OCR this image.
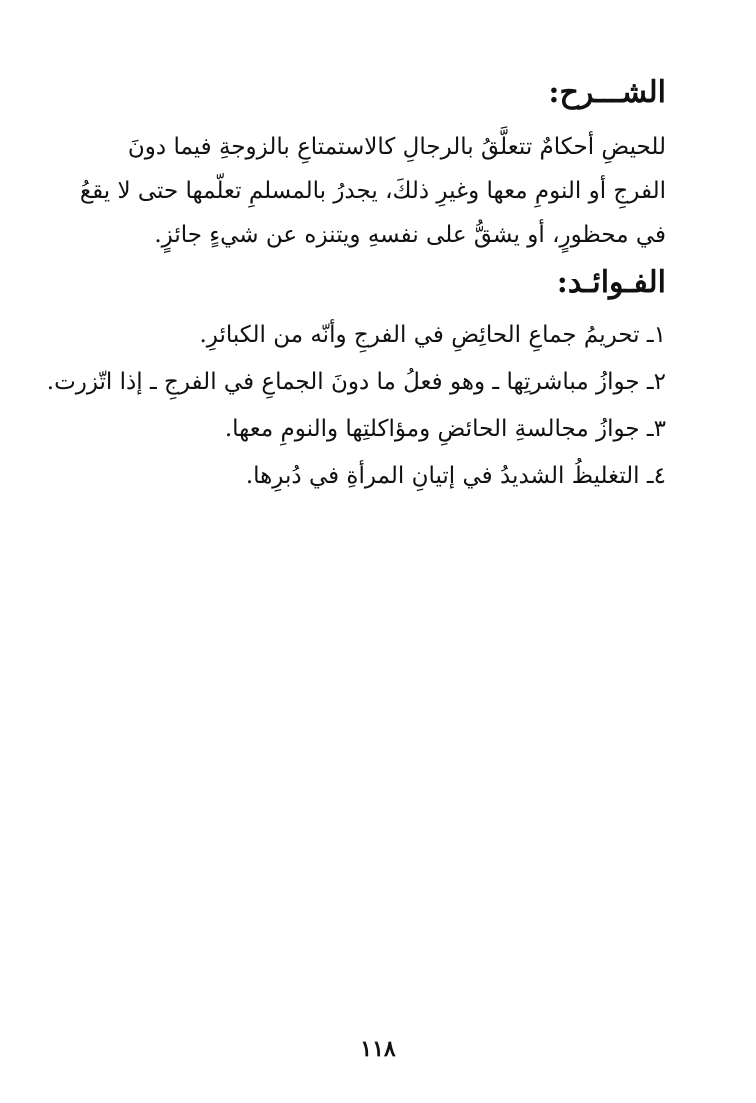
الشـــرح:
للحيضِ أحكامٌ تتعلَّقُ بالرجالِ كالاستمتاعِ بالزوجةِ فيما دونَ
الفرجِ أو النومِ معها وغيرِ ذلكَ، يجدرُ بالمسلمِ تعلّمها حتى لا يقعُ
في محظورٍ، أو يشقُّ على نفسهِ ويتنزه عن شيءٍ جائزٍ.
الفـوائـد:
١ـ تحريمُ جماعِ الحائِضِ في الفرجِ وأنّه من الكبائرِ.
٢ـ جوازُ مباشرتِها ـ وهو فعلُ ما دونَ الجماعِ في الفرجِ ـ إذا اتّزرت.
٣ـ جوازُ مجالسةِ الحائضِ ومؤاكلتِها والنومِ معها.
٤ـ التغليظُ الشديدُ في إتيانِ المرأةِ في دُبرِها.
١١٨
